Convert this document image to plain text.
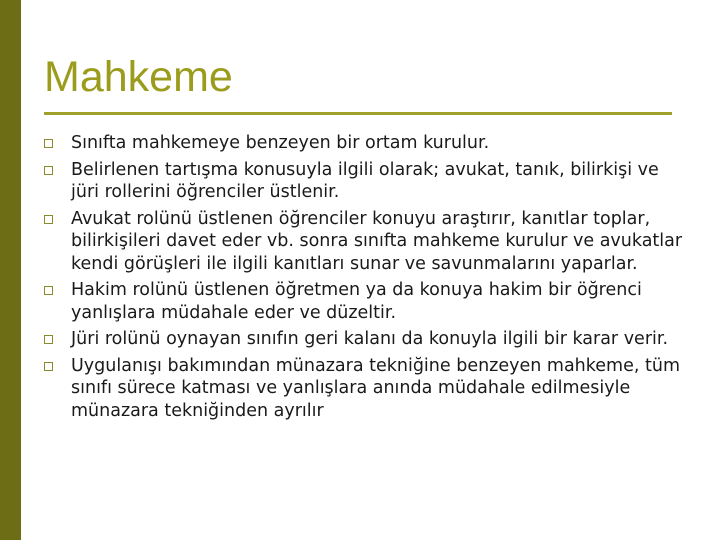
Mahkeme
Sınıfta mahkemeye benzeyen bir ortam kurulur.
Belirlenen tartışma konusuyla ilgili olarak; avukat, tanık, bilirkişi ve jüri rollerini öğrenciler üstlenir.
Avukat rolünü üstlenen öğrenciler konuyu araştırır, kanıtlar toplar, bilirkişileri davet eder vb. sonra sınıfta mahkeme kurulur ve avukatlar kendi görüşleri ile ilgili kanıtları sunar ve savunmalarını yaparlar.
Hakim rolünü üstlenen öğretmen ya da konuya hakim bir öğrenci yanlışlara müdahale eder ve düzeltir.
Jüri rolünü oynayan sınıfın geri kalanı da konuyla ilgili bir karar verir.
Uygulanışı bakımından münazara tekniğine benzeyen mahkeme, tüm sınıfı sürece katması ve yanlışlara anında müdahale edilmesiyle münazara tekniğinden ayrılır
